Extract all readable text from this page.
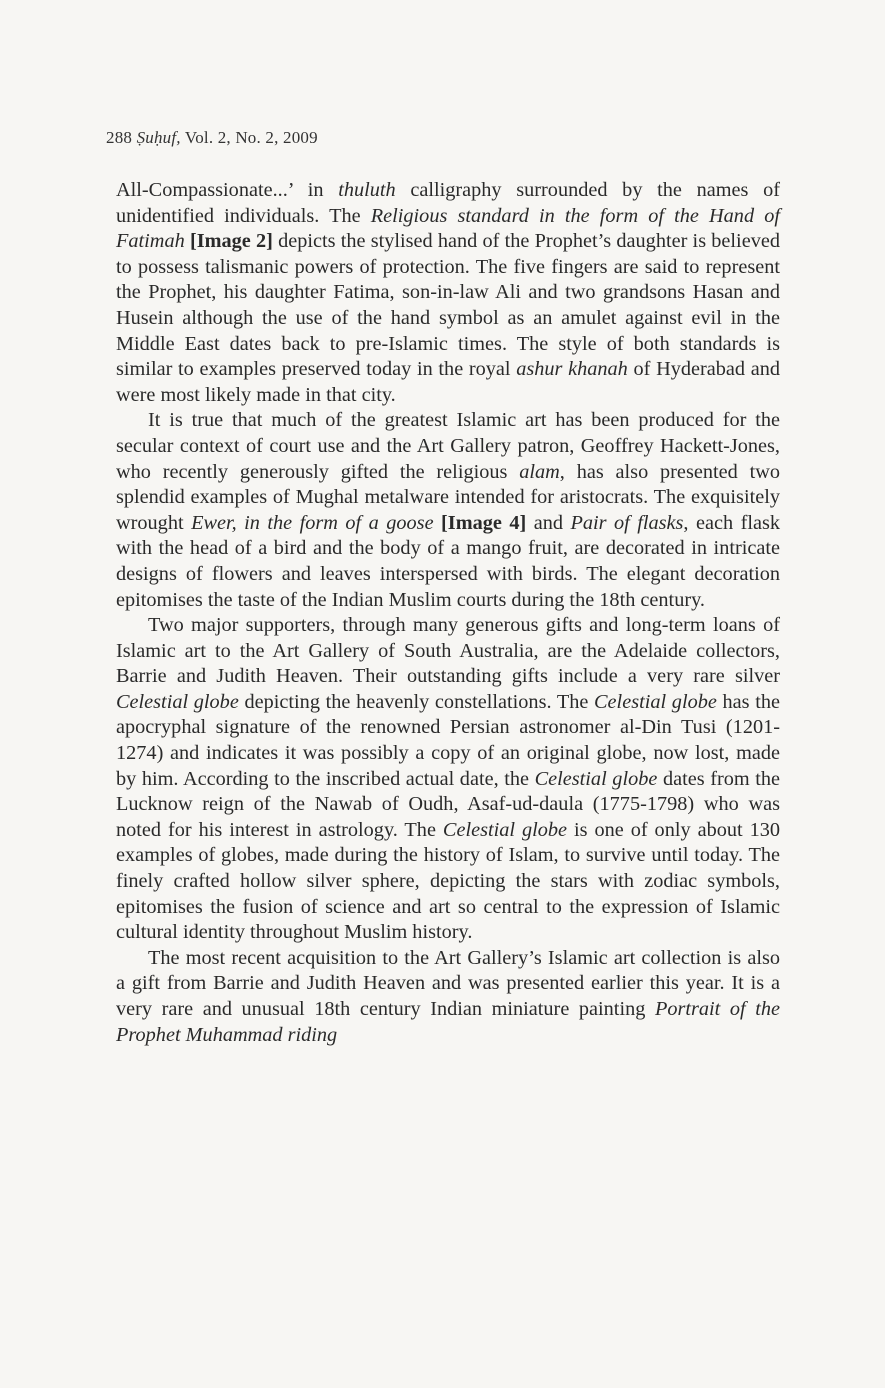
288 Ṣuḥuf, Vol. 2, No. 2, 2009

All-Compassionate...’ in thuluth calligraphy surrounded by the names of unidentified individuals. The Religious standard in the form of the Hand of Fatimah [Image 2] depicts the stylised hand of the Prophet’s daughter is believed to possess talismanic powers of protection. The five fingers are said to represent the Prophet, his daughter Fatima, son-in-law Ali and two grandsons Hasan and Husein although the use of the hand symbol as an amulet against evil in the Middle East dates back to pre-Islamic times. The style of both standards is similar to examples preserved today in the royal ashur khanah of Hyderabad and were most likely made in that city.

It is true that much of the greatest Islamic art has been produced for the secular context of court use and the Art Gallery patron, Geoffrey Hackett-Jones, who recently generously gifted the religious alam, has also presented two splendid examples of Mughal metalware intended for aristocrats. The exquisitely wrought Ewer, in the form of a goose [Image 4] and Pair of flasks, each flask with the head of a bird and the body of a mango fruit, are decorated in intricate designs of flowers and leaves interspersed with birds. The elegant decoration epitomises the taste of the Indian Muslim courts during the 18th century.

Two major supporters, through many generous gifts and long-term loans of Islamic art to the Art Gallery of South Australia, are the Adelaide collectors, Barrie and Judith Heaven. Their outstanding gifts include a very rare silver Celestial globe depicting the heavenly constellations. The Celestial globe has the apocryphal signature of the renowned Persian astronomer al-Din Tusi (1201-1274) and indicates it was possibly a copy of an original globe, now lost, made by him. According to the inscribed actual date, the Celestial globe dates from the Lucknow reign of the Nawab of Oudh, Asaf-ud-daula (1775-1798) who was noted for his interest in astrology. The Celestial globe is one of only about 130 examples of globes, made during the history of Islam, to survive until today. The finely crafted hollow silver sphere, depicting the stars with zodiac symbols, epitomises the fusion of science and art so central to the expression of Islamic cultural identity throughout Muslim history.

The most recent acquisition to the Art Gallery’s Islamic art collection is also a gift from Barrie and Judith Heaven and was presented earlier this year. It is a very rare and unusual 18th century Indian miniature painting Portrait of the Prophet Muhammad riding
